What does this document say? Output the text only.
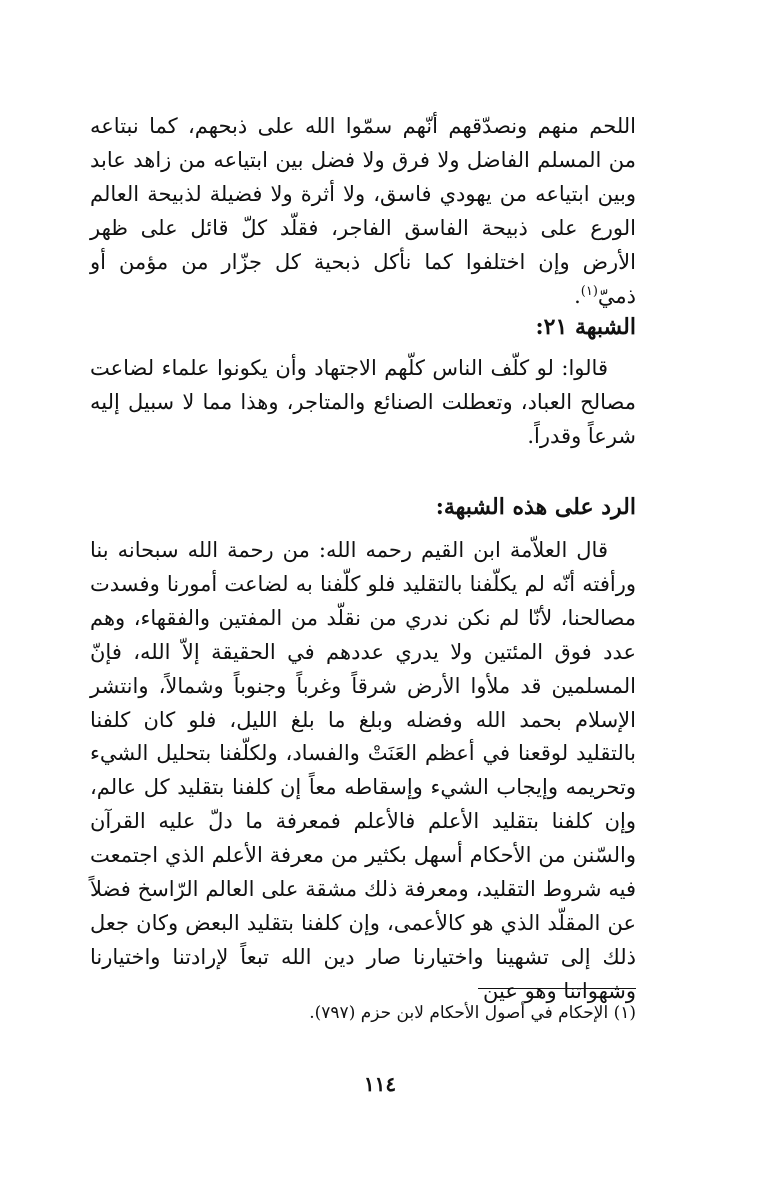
اللحم منهم ونصدّقهم أنّهم سمّوا الله على ذبحهم، كما نبتاعه من المسلم الفاضل ولا فرق ولا فضل بين ابتياعه من زاهد عابد وبين ابتياعه من يهودي فاسق، ولا أثرة ولا فضيلة لذبيحة العالم الورع على ذبيحة الفاسق الفاجر، فقلّد كلّ قائل على ظهر الأرض وإن اختلفوا كما نأكل ذبحية كل جزّار من مؤمن أو ذميّ$^{(١)}$.

الشبهة ٢١:

قالوا: لو كلّف الناس كلّهم الاجتهاد وأن يكونوا علماء لضاعت مصالح العباد، وتعطلت الصنائع والمتاجر، وهذا مما لا سبيل إليه شرعاً وقدراً.

الرد على هذه الشبهة:

قال العلاّمة ابن القيم رحمه الله: من رحمة الله سبحانه بنا ورأفته أنّه لم يكلّفنا بالتقليد فلو كلّفنا به لضاعت أمورنا وفسدت مصالحنا، لأنّا لم نكن ندري من نقلّد من المفتين والفقهاء، وهم عدد فوق المئتين ولا يدري عددهم في الحقيقة إلاّ الله، فإنّ المسلمين قد ملأوا الأرض شرقاً وغرباً وجنوباً وشمالاً، وانتشر الإسلام بحمد الله وفضله وبلغ ما بلغ الليل، فلو كان كلفنا بالتقليد لوقعنا في أعظم العَنَتْ والفساد، ولكلّفنا بتحليل الشيء وتحريمه وإيجاب الشيء وإسقاطه معاً إن كلفنا بتقليد كل عالم، وإن كلفنا بتقليد الأعلم فالأعلم فمعرفة ما دلّ عليه القرآن والسّنن من الأحكام أسهل بكثير من معرفة الأعلم الذي اجتمعت فيه شروط التقليد، ومعرفة ذلك مشقة على العالم الرّاسخ فضلاً عن المقلّد الذي هو كالأعمى، وإن كلفنا بتقليد البعض وكان جعل ذلك إلى تشهينا واختيارنا صار دين الله تبعاً لإرادتنا واختيارنا وشهواتنا وهو عين

(١) الإحكام في أصول الأحكام لابن حزم (٧٩٧).

١١٤
